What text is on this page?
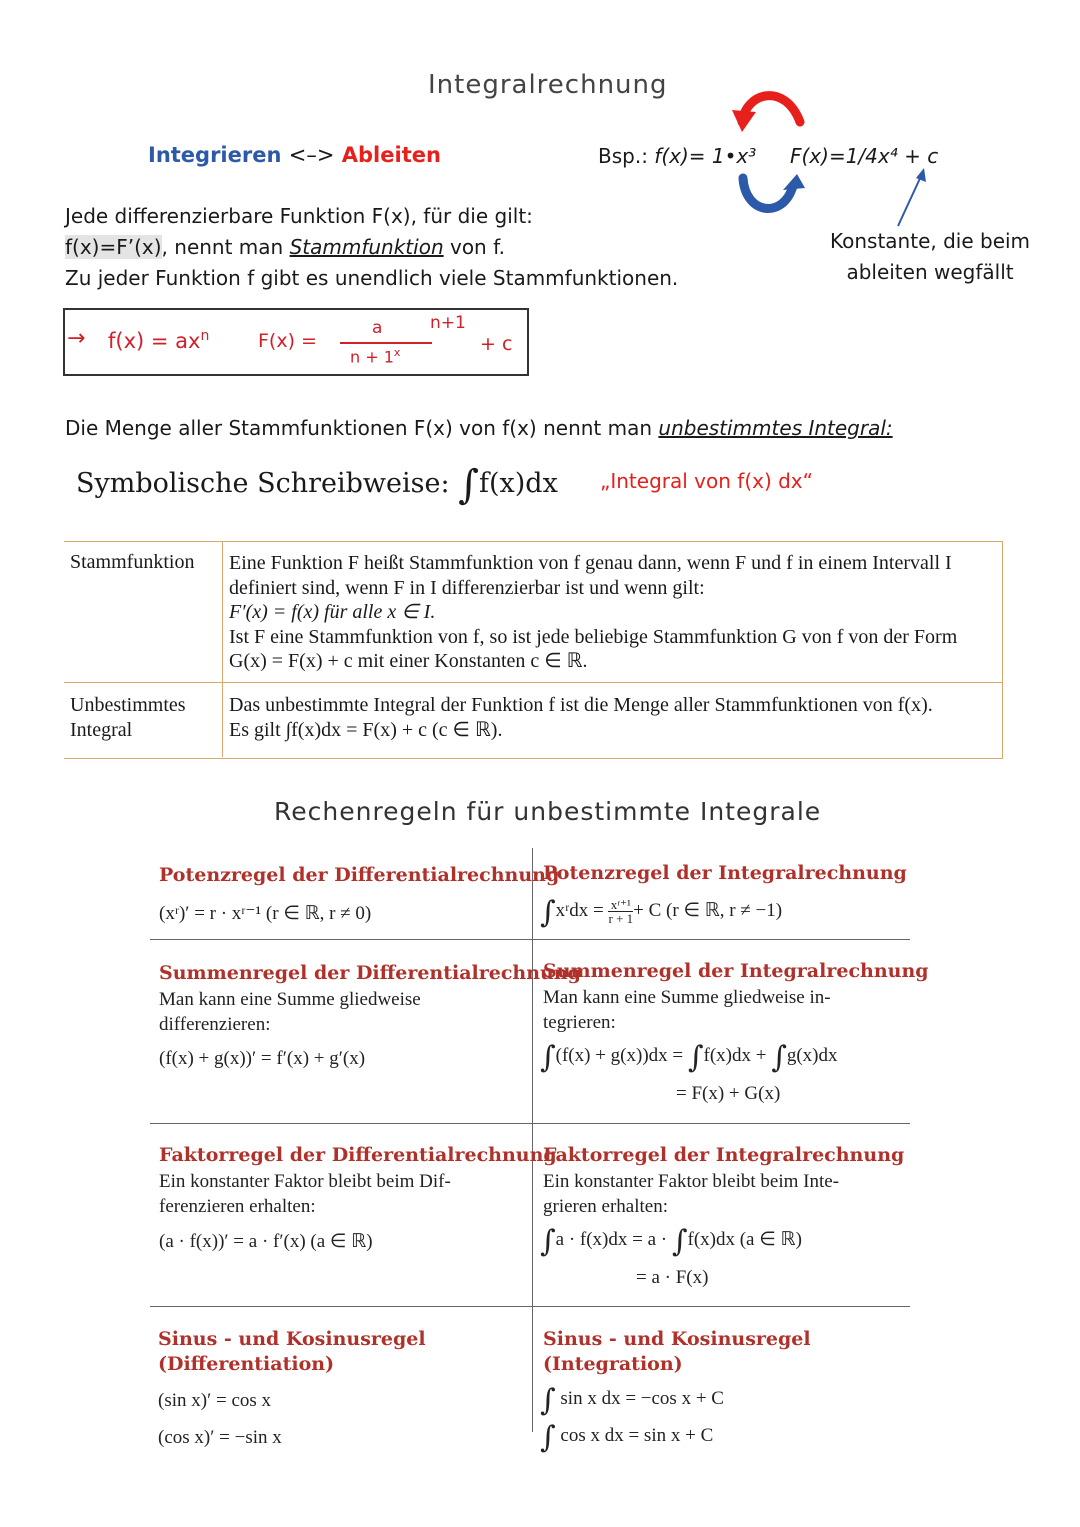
Integralrechnung
Integrieren <–> Ableiten	Bsp.: f(x)= 1•x³ F(x)=1/4x⁴ + c
Konstante, die beim
ableiten wegfällt
Jede differenzierbare Funktion F(x), für die gilt:
f(x)=F’(x), nennt man Stammfunktion von f.
Zu jeder Funktion f gibt es unendlich viele Stammfunktionen.
→ $f(x) = ax^n$	F(x) =
a
$n + 1^x$
n+1
+ c
Die Menge aller Stammfunktionen F(x) von f(x) nennt man unbestimmtes Integral:
Symbolische Schreibweise: ∫f(x)dx „Integral von f(x) dx“
Stammfunktion Eine Funktion F heißt Stammfunktion von f genau dann, wenn F und f in einem Intervall I
definiert sind, wenn F in I differenzierbar ist und wenn gilt:
F′(x) = f(x) für alle x ∈ I.
Ist F eine Stammfunktion von f, so ist jede beliebige Stammfunktion G von f von der Form
G(x) = F(x) + c mit einer Konstanten c ∈ ℝ.
Unbestimmtes
Integral
Das unbestimmte Integral der Funktion f ist die Menge aller Stammfunktionen von f(x).
Es gilt ∫f(x)dx = F(x) + c (c ∈ ℝ).
Rechenregeln für unbestimmte Integrale
Potenzregel der Differentialrechnung
(xʳ)′ = r · xʳ⁻¹ (r ∈ ℝ, r ≠ 0)
Potenzregel der Integralrechnung
∫xʳdx = $\frac{\text{xʳ⁺¹}}{r + 1} + C$ (r ∈ ℝ, r ≠ −1)
Summenregel der Differentialrechnung
Man kann eine Summe gliedweise
differenzieren:
(f(x) + g(x))′ = f′(x) + g′(x)
Summenregel der Integralrechnung
Man kann eine Summe gliedweise in-
tegrieren:
∫(f(x) + g(x))dx = ∫f(x)dx + ∫g(x)dx
= F(x) + G(x)
Faktorregel der Differentialrechnung
Ein konstanter Faktor bleibt beim Dif-
ferenzieren erhalten:
(a · f(x))′ = a · f′(x) (a ∈ ℝ)
Faktorregel der Integralrechnung
Ein konstanter Faktor bleibt beim Inte-
grieren erhalten:
∫a · f(x)dx = a · ∫f(x)dx (a ∈ ℝ)
= a · F(x)
Sinus - und Kosinusregel
(Differentiation)
(sin x)′ = cos x
(cos x)′ = −sin x
Sinus - und Kosinusregel
(Integration)
∫ sin x dx = −cos x + C
∫ cos x dx = sin x + C
